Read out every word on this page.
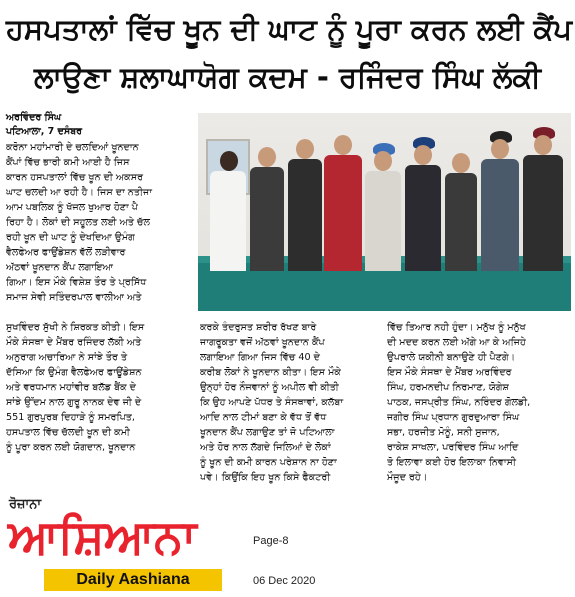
ਹਸਪਤਾਲਾਂ ਵਿੱਚ ਖੂਨ ਦੀ ਘਾਟ ਨੂੰ ਪੂਰਾ ਕਰਨ ਲਈ ਕੈਂਪ
ਲਾਉਣਾ ਸ਼ਲਾਘਾਯੋਗ ਕਦਮ - ਰਜਿੰਦਰ ਸਿੰਘ ਲੱਕੀ
ਅਰਵਿੰਦਰ ਸਿੰਘ
ਪਟਿਆਲਾ, 7 ਦਸੰਬਰ
ਕਰੋਨਾ ਮਹਾਂਮਾਰੀ ਦੇ ਚਲਦਿਆਂ ਖੂਨਦਾਨ
ਕੈਂਪਾਂ ਵਿੱਚ ਭਾਰੀ ਕਮੀ ਆਈ ਹੈ ਜਿਸ
ਕਾਰਨ ਹਸਪਤਾਲਾਂ ਵਿੱਚ ਖੂਨ ਦੀ ਅਕਸਰ
ਘਾਟ ਚਲਦੀ ਆ ਰਹੀ ਹੈ। ਜਿਸ ਦਾ ਨਤੀਜਾ
ਆਮ ਪਬਲਿਕ ਨੂੰ ਖੱਜਲ ਖੁਆਰ ਹੋਣਾ ਪੈ
ਰਿਹਾ ਹੈ। ਲੋਕਾਂ ਦੀ ਸਹੂਲਤ ਲਈ ਅਤੇ ਚੱਲ
ਰਹੀ ਖੂਨ ਦੀ ਘਾਟ ਨੂੰ ਦੇਖਦਿਆ ਉਮੰਗ
ਵੈਲਫੇਅਰ ਫਾਉਂਡੇਸ਼ਨ ਵੱਲੋਂ ਲੜੀਵਾਰ
ਅੱਠਵਾਂ ਖੂਨਦਾਨ ਕੈਂਪ ਲਗਾਇਆ
ਗਿਆ। ਇਸ ਮੌਕੇ ਵਿਸ਼ੇਸ਼ ਤੌਰ ਤੇ ਪ੍ਰਸਿੱਧ
ਸਮਾਜ ਸੇਵੀ ਸਤਿੰਦਰਪਾਲ ਵਾਲੀਆ ਅਤੇ
ਸੁਖਵਿੰਦਰ ਸੁੱਖੀ ਨੇ ਸ਼ਿਰਕਤ ਕੀਤੀ। ਇਸ
ਮੌਕੇ ਸੰਸਥਾ ਦੇ ਮੈਂਬਰ ਰਜਿੰਦਰ ਲੱਕੀ ਅਤੇ
ਅਨੁਰਾਗ ਅਚਾਰਿਆ ਨੇ ਸਾਂਝੇ ਤੌਰ ਤੇ
ਦੱਸਿਆ ਕਿ ਉਮੰਗ ਵੈਲਫੇਅਰ ਫਾਊਂਡੇਸ਼ਨ
ਅਤੇ ਵਰਧਮਾਨ ਮਹਾਂਵੀਰ ਬਲੱਡ ਬੈਂਕ ਦੇ
ਸਾਂਝੇ ਉੱਦਮ ਨਾਲ ਗੁਰੂ ਨਾਨਕ ਦੇਵ ਜੀ ਦੇ
551 ਗੁਰਪੁਰਬ ਦਿਹਾੜੇ ਨੂੰ ਸਮਰਪਿਤ,
ਹਸਪਤਾਲ ਵਿੱਚ ਚੱਲਦੀ ਖੂਨ ਦੀ ਕਮੀ
ਨੂੰ ਪੂਰਾ ਕਰਨ ਲਈ ਯੋਗਦਾਨ, ਖੂਨਦਾਨ
ਕਰਕੇ ਤੰਦਰੁਸਤ ਸ਼ਰੀਰ ਰੱਖਣ ਬਾਰੇ
ਜਾਗਰੂਕਤਾ ਵਜੋਂ ਅੱਠਵਾਂ ਖੂਨਦਾਨ ਕੈਂਪ
ਲਗਾਇਆ ਗਿਆ ਜਿਸ ਵਿੱਚ 40 ਦੇ
ਕਰੀਬ ਲੋਕਾਂ ਨੇ ਖੂਨਦਾਨ ਕੀਤਾ। ਇਸ ਮੌਕੇ
ਉਨ੍ਹਾਂ ਹੋਰ ਨੌਜਵਾਨਾਂ ਨੂੰ ਅਪੀਲ ਵੀ ਕੀਤੀ
ਕਿ ਉਹ ਆਪਣੇ ਪੱਧਰ ਤੇ ਸੰਸਥਾਵਾਂ, ਕਲੱਬਾ
ਆਦਿ ਨਾਲ ਟੀਮਾਂ ਬਣਾ ਕੇ ਵੱਧ ਤੋਂ ਵੱਧ
ਖੂਨਦਾਨ ਕੈਂਪ ਲਗਾਉਣ ਤਾਂ ਜੋ ਪਟਿਆਲਾ
ਅਤੇ ਹੋਰ ਨਾਲ ਲੱਗਦੇ ਜਿਲਿਆਂ ਦੇ ਲੋਕਾਂ
ਨੂੰ ਖੂਨ ਦੀ ਕਮੀ ਕਾਰਨ ਪਰੇਸ਼ਾਨ ਨਾ ਹੋਣਾ
ਪਵੇ। ਕਿਉਂਕਿ ਇਹ ਖੂਨ ਕਿਸੇ ਫੈਕਟਰੀ
ਵਿੱਚ ਤਿਆਰ ਨਹੀ ਹੁੰਦਾ। ਮਨੁੱਖ ਨੂੰ ਮਨੁੱਖ
ਦੀ ਮਦਦ ਕਰਨ ਲਈ ਅੱਗੇ ਆ ਕੇ ਅਜਿਹੇ
ਉਪਰਾਲੇ ਯਕੀਨੀ ਬਨਾਉਣੇ ਹੀ ਪੈਣਗੇ।
ਇਸ ਮੌਕੇ ਸੰਸਥਾ ਦੇ ਮੈਂਬਰ ਅਰਵਿੰਦਰ
ਸਿੰਘ, ਹਰਮਨਦੀਪ ਨਿਰਮਾਣ, ਯੋਗੇਸ਼
ਪਾਠਕ, ਜਸਪ੍ਰੀਤ ਸਿੰਘ, ਨਰਿੰਦਰ ਗੋਲਡੀ,
ਜਗੀਰ ਸਿੰਘ ਪ੍ਰਧਾਨ ਗੁਰਦੁਆਰਾ ਸਿੰਘ
ਸਭਾ, ਹਰਜੀਤ ਮੋਨੂੰ, ਸਨੀ ਸੁਜਾਨ,
ਰਾਕੇਸ਼ ਸਾਖਲਾ, ਪਰਵਿੰਦਰ ਸਿੰਘ ਆਦਿ
ਤੋ ਇਲਾਵਾ ਕਈ ਹੋਰ ਇਲਾਕਾ ਨਿਵਾਸੀ
ਮੌਜੂਦ ਰਹੇ।
ਰੋਜ਼ਾਨਾ
ਆਸ਼ਿਆਨਾ
Daily Aashiana
Page-8
06 Dec 2020
